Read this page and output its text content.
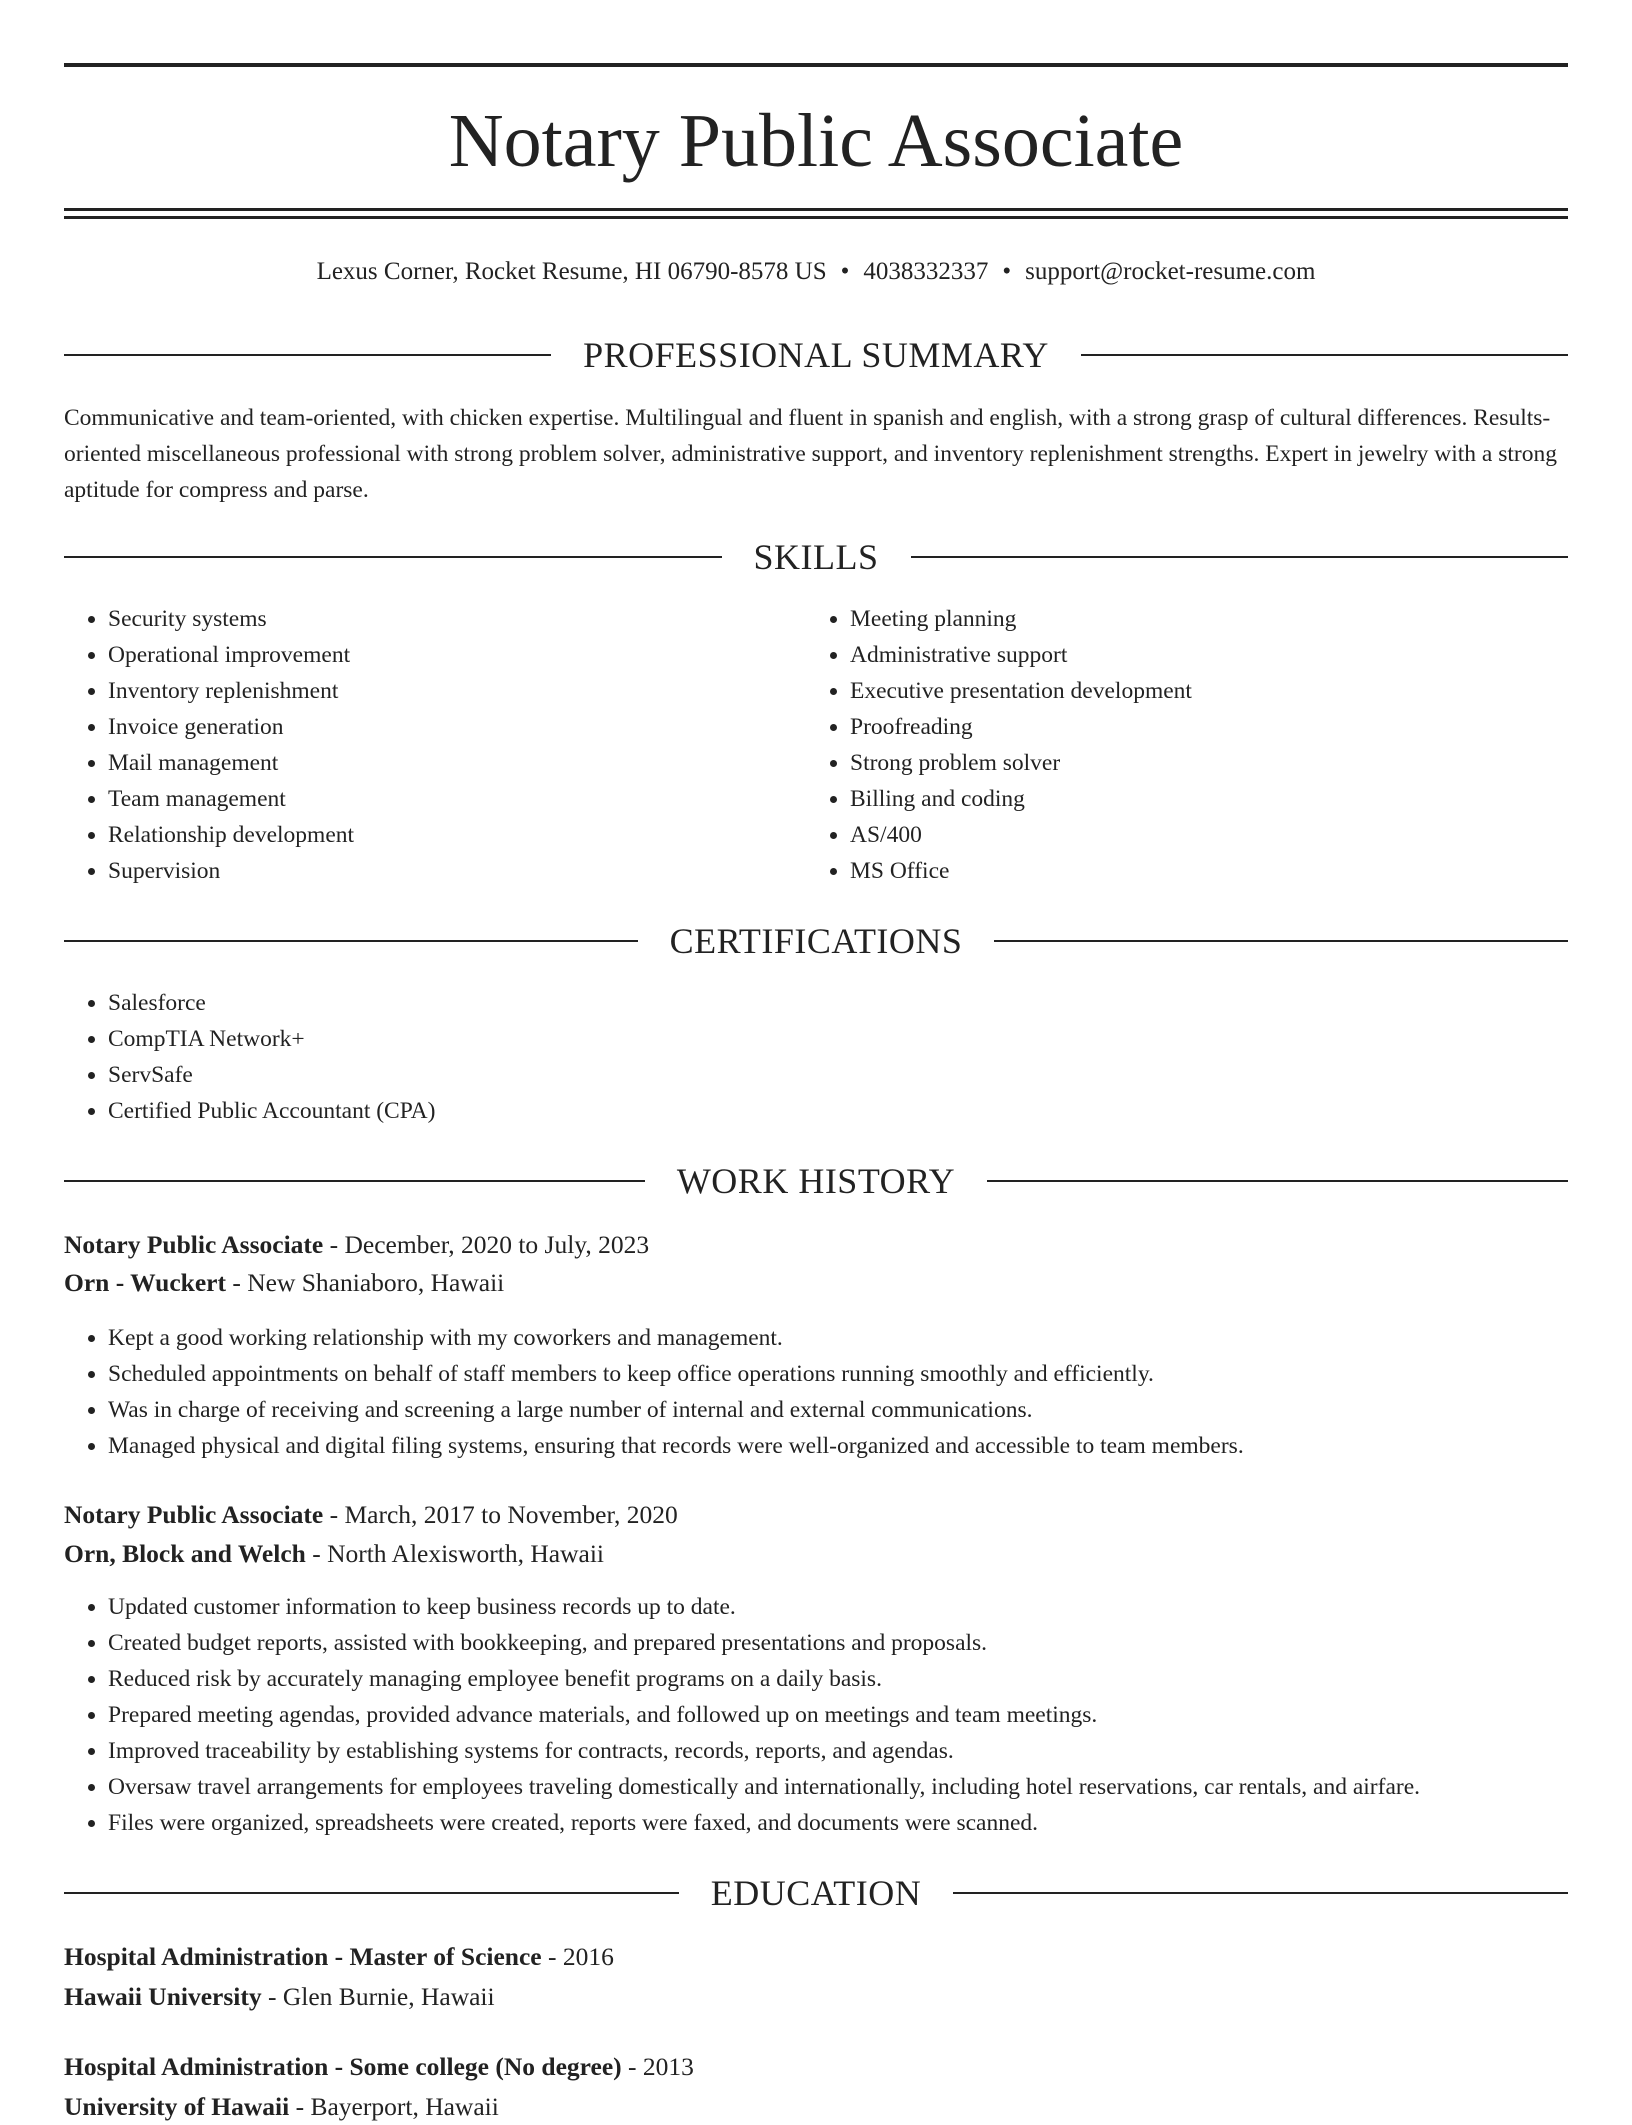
Notary Public Associate
Lexus Corner, Rocket Resume, HI 06790-8578 US • 4038332337 • support@rocket-resume.com
PROFESSIONAL SUMMARY

Communicative and team-oriented, with chicken expertise. Multilingual and fluent in spanish and english, with a strong grasp of cultural differences. Results-oriented miscellaneous professional with strong problem solver, administrative support, and inventory replenishment strengths. Expert in jewelry with a strong aptitude for compress and parse.

SKILLS
• Security systems
• Operational improvement
• Inventory replenishment
• Invoice generation
• Mail management
• Team management
• Relationship development
• Supervision
• Meeting planning
• Administrative support
• Executive presentation development
• Proofreading
• Strong problem solver
• Billing and coding
• AS/400
• MS Office
CERTIFICATIONS
• Salesforce
• CompTIA Network+
• ServSafe
• Certified Public Accountant (CPA)
WORK HISTORY

Notary Public Associate - December, 2020 to July, 2023

Orn - Wuckert - New Shaniaboro, Hawaii

• Kept a good working relationship with my coworkers and management.
• Scheduled appointments on behalf of staff members to keep office operations running smoothly and efficiently.
• Was in charge of receiving and screening a large number of internal and external communications.
• Managed physical and digital filing systems, ensuring that records were well-organized and accessible to team members.

Notary Public Associate - March, 2017 to November, 2020

Orn, Block and Welch - North Alexisworth, Hawaii

• Updated customer information to keep business records up to date.
• Created budget reports, assisted with bookkeeping, and prepared presentations and proposals.
• Reduced risk by accurately managing employee benefit programs on a daily basis.
• Prepared meeting agendas, provided advance materials, and followed up on meetings and team meetings.
• Improved traceability by establishing systems for contracts, records, reports, and agendas.
• Oversaw travel arrangements for employees traveling domestically and internationally, including hotel reservations, car rentals, and airfare.
• Files were organized, spreadsheets were created, reports were faxed, and documents were scanned.
EDUCATION

Hospital Administration - Master of Science - 2016

Hawaii University - Glen Burnie, Hawaii

Hospital Administration - Some college (No degree) - 2013

University of Hawaii - Bayerport, Hawaii
